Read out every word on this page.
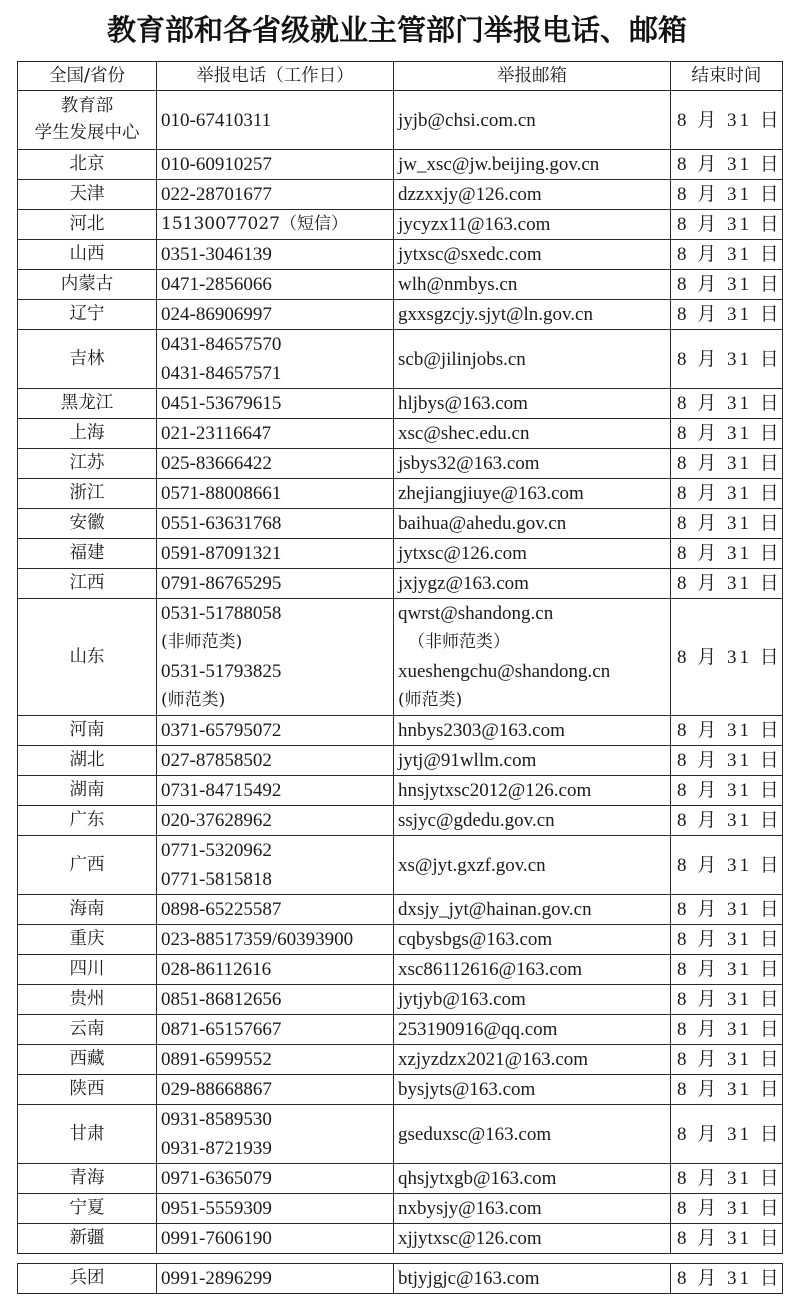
教育部和各省级就业主管部门举报电话、邮箱
全国/省份	举报电话（工作日）	举报邮箱	结束时间

教育部
学生发展中心	010-67410311	jyjb@chsi.com.cn	8 月 31 日

北京	010-60910257	jw_xsc@jw.beijing.gov.cn	8 月 31 日

天津	022-28701677	dzzxxjy@126.com	8 月 31 日

河北	15130077027（短信）	jycyzx11@163.com	8 月 31 日

山西	0351-3046139	jytxsc@sxedc.com	8 月 31 日

内蒙古	0471-2856066	wlh@nmbys.cn	8 月 31 日

辽宁	024-86906997	gxxsgzcjy.sjyt@ln.gov.cn	8 月 31 日

吉林	0431-84657570
0431-84657571	scb@jilinjobs.cn	8 月 31 日

黑龙江	0451-53679615	hljbys@163.com	8 月 31 日

上海	021-23116647	xsc@shec.edu.cn	8 月 31 日

江苏	025-83666422	jsbys32@163.com	8 月 31 日

浙江	0571-88008661	zhejiangjiuye@163.com	8 月 31 日

安徽	0551-63631768	baihua@ahedu.gov.cn	8 月 31 日

福建	0591-87091321	jytxsc@126.com	8 月 31 日

江西	0791-86765295	jxjygz@163.com	8 月 31 日

山东	0531-51788058
(非师范类)
0531-51793825
(师范类)	qwrst@shandong.cn
（非师范类）
xueshengchu@shandong.cn
(师范类)	8 月 31 日

河南	0371-65795072	hnbys2303@163.com	8 月 31 日

湖北	027-87858502	jytj@91wllm.com	8 月 31 日

湖南	0731-84715492	hnsjytxsc2012@126.com	8 月 31 日

广东	020-37628962	ssjyc@gdedu.gov.cn	8 月 31 日

广西	0771-5320962
0771-5815818	xs@jyt.gxzf.gov.cn	8 月 31 日

海南	0898-65225587	dxsjy_jyt@hainan.gov.cn	8 月 31 日

重庆	023-88517359/60393900	cqbysbgs@163.com	8 月 31 日

四川	028-86112616	xsc86112616@163.com	8 月 31 日

贵州	0851-86812656	jytjyb@163.com	8 月 31 日

云南	0871-65157667	253190916@qq.com	8 月 31 日

西藏	0891-6599552	xzjyzdzx2021@163.com	8 月 31 日

陕西	029-88668867	bysjyts@163.com	8 月 31 日

甘肃	0931-8589530
0931-8721939	gseduxsc@163.com	8 月 31 日

青海	0971-6365079	qhsjytxgb@163.com	8 月 31 日

宁夏	0951-5559309	nxbysjy@163.com	8 月 31 日

新疆	0991-7606190	xjjytxsc@126.com	8 月 31 日
兵团	0991-2896299	btjyjgjc@163.com	8 月 31 日
